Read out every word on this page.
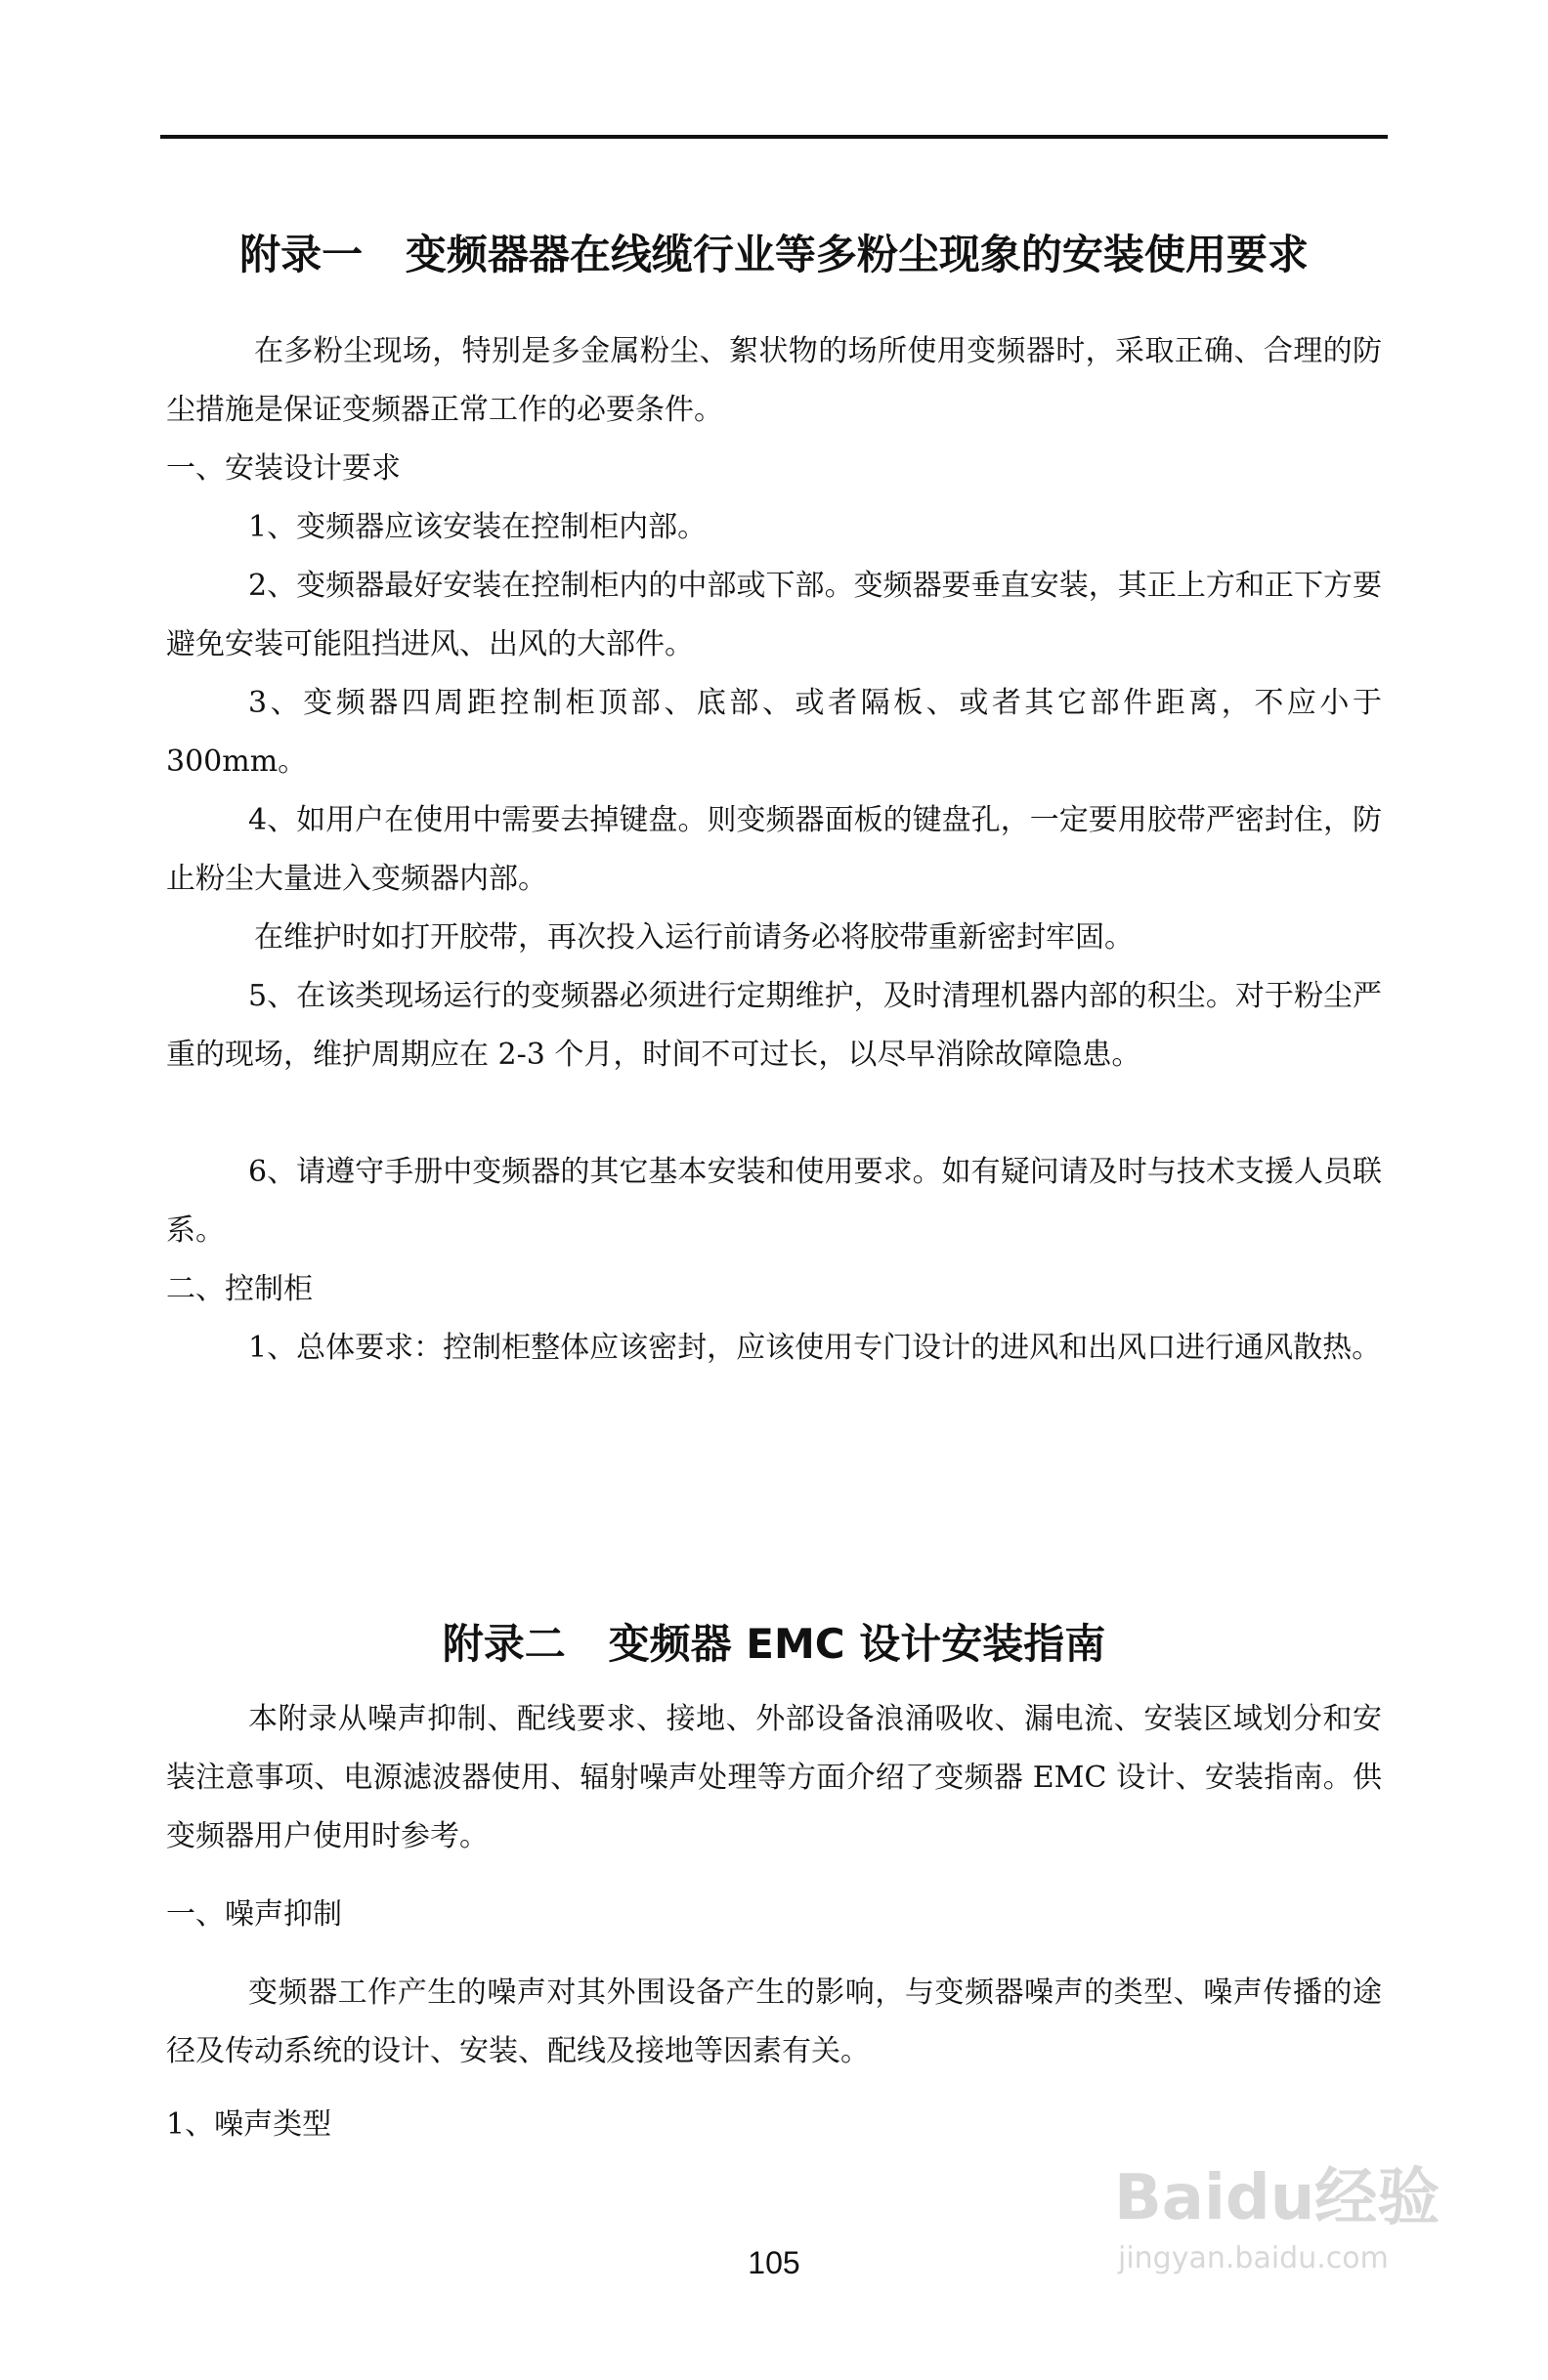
附录一   变频器器在线缆行业等多粉尘现象的安装使用要求
在多粉尘现场，特别是多金属粉尘、絮状物的场所使用变频器时，采取正确、合理的防尘措施是保证变频器正常工作的必要条件。
一、安装设计要求
1、变频器应该安装在控制柜内部。
2、变频器最好安装在控制柜内的中部或下部。变频器要垂直安装，其正上方和正下方要避免安装可能阻挡进风、出风的大部件。
3、变频器四周距控制柜顶部、底部、或者隔板、或者其它部件距离，不应小于 300mm。
4、如用户在使用中需要去掉键盘。则变频器面板的键盘孔，一定要用胶带严密封住，防止粉尘大量进入变频器内部。
在维护时如打开胶带，再次投入运行前请务必将胶带重新密封牢固。
5、在该类现场运行的变频器必须进行定期维护，及时清理机器内部的积尘。对于粉尘严重的现场，维护周期应在 2-3 个月，时间不可过长，以尽早消除故障隐患。
6、请遵守手册中变频器的其它基本安装和使用要求。如有疑问请及时与技术支援人员联系。
二、控制柜
1、总体要求：控制柜整体应该密封，应该使用专门设计的进风和出风口进行通风散热。
附录二   变频器 EMC 设计安装指南
本附录从噪声抑制、配线要求、接地、外部设备浪涌吸收、漏电流、安装区域划分和安装注意事项、电源滤波器使用、辐射噪声处理等方面介绍了变频器 EMC 设计、安装指南。供变频器用户使用时参考。
一、噪声抑制
变频器工作产生的噪声对其外围设备产生的影响，与变频器噪声的类型、噪声传播的途径及传动系统的设计、安装、配线及接地等因素有关。
1、噪声类型
105
Baidu经验
jingyan.baidu.com
